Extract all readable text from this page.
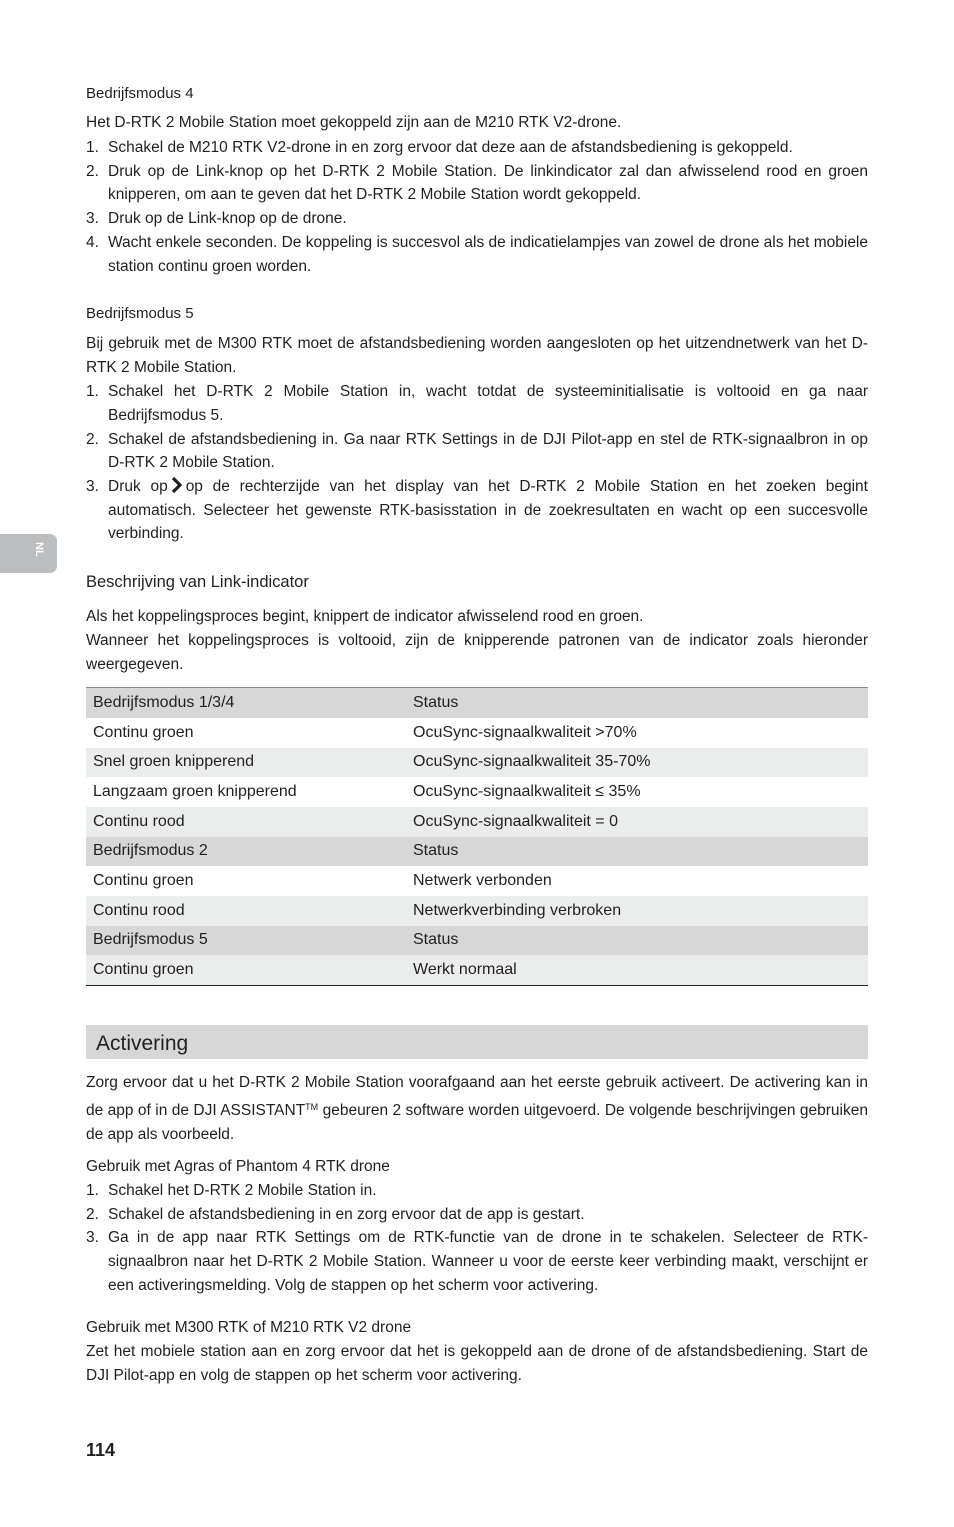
NL
Bedrijfsmodus 4

Het D-RTK 2 Mobile Station moet gekoppeld zijn aan de M210 RTK V2-drone.

1. Schakel de M210 RTK V2-drone in en zorg ervoor dat deze aan de afstandsbediening is gekoppeld.
2. Druk op de Link-knop op het D-RTK 2 Mobile Station. De linkindicator zal dan afwisselend rood en groen knipperen, om aan te geven dat het D-RTK 2 Mobile Station wordt gekoppeld.
3. Druk op de Link-knop op de drone.
4. Wacht enkele seconden. De koppeling is succesvol als de indicatielampjes van zowel de drone als het mobiele station continu groen worden.
Bedrijfsmodus 5

Bij gebruik met de M300 RTK moet de afstandsbediening worden aangesloten op het uitzendnetwerk van het D-RTK 2 Mobile Station.

1. Schakel het D-RTK 2 Mobile Station in, wacht totdat de systeeminitialisatie is voltooid en ga naar Bedrijfsmodus 5.
2. Schakel de afstandsbediening in. Ga naar RTK Settings in de DJI Pilot-app en stel de RTK-signaalbron in op D-RTK 2 Mobile Station.
3. Druk op op de rechterzijde van het display van het D-RTK 2 Mobile Station en het zoeken begint automatisch. Selecteer het gewenste RTK-basisstation in de zoekresultaten en wacht op een succesvolle verbinding.
Beschrijving van Link-indicator

Als het koppelingsproces begint, knippert de indicator afwisselend rood en groen.

Wanneer het koppelingsproces is voltooid, zijn de knipperende patronen van de indicator zoals hieronder weergegeven.

Bedrijfsmodus 1/3/4	Status
Continu groen	OcuSync-signaalkwaliteit >70%
Snel groen knipperend	OcuSync-signaalkwaliteit 35-70%
Langzaam groen knipperend	OcuSync-signaalkwaliteit ≤ 35%
Continu rood	OcuSync-signaalkwaliteit = 0
Bedrijfsmodus 2	Status
Continu groen	Netwerk verbonden
Continu rood	Netwerkverbinding verbroken
Bedrijfsmodus 5	Status
Continu groen	Werkt normaal
Activering

Zorg ervoor dat u het D-RTK 2 Mobile Station voorafgaand aan het eerste gebruik activeert. De activering kan in de app of in de DJI ASSISTANT™ gebeuren 2 software worden uitgevoerd. De volgende beschrijvingen gebruiken de app als voorbeeld.

Gebruik met Agras of Phantom 4 RTK drone
1. Schakel het D-RTK 2 Mobile Station in.
2. Schakel de afstandsbediening in en zorg ervoor dat de app is gestart.
3. Ga in de app naar RTK Settings om de RTK-functie van de drone in te schakelen. Selecteer de RTK-signaalbron naar het D-RTK 2 Mobile Station. Wanneer u voor de eerste keer verbinding maakt, verschijnt er een activeringsmelding. Volg de stappen op het scherm voor activering.
Gebruik met M300 RTK of M210 RTK V2 drone

Zet het mobiele station aan en zorg ervoor dat het is gekoppeld aan de drone of de afstandsbediening. Start de DJI Pilot-app en volg de stappen op het scherm voor activering.

114
